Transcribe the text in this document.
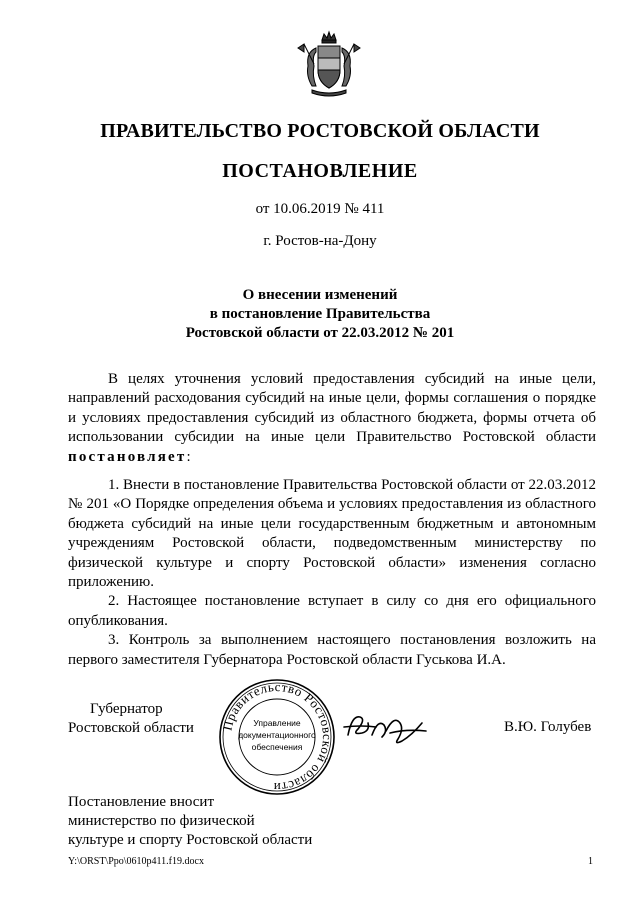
ПРАВИТЕЛЬСТВО РОСТОВСКОЙ ОБЛАСТИ
ПОСТАНОВЛЕНИЕ
от 10.06.2019 № 411
г. Ростов-на-Дону
О внесении изменений
в постановление Правительства
Ростовской области от 22.03.2012 № 201

В целях уточнения условий предоставления субсидий на иные цели, направлений расходования субсидий на иные цели, формы соглашения о порядке и условиях предоставления субсидий из областного бюджета, формы отчета об использовании субсидии на иные цели Правительство Ростовской области постановляет:

1. Внести в постановление Правительства Ростовской области от 22.03.2012 № 201 «О Порядке определения объема и условиях предоставления из областного бюджета субсидий на иные цели государственным бюджетным и автономным учреждениям Ростовской области, подведомственным министерству по физической культуре и спорту Ростовской области» изменения согласно приложению.

2. Настоящее постановление вступает в силу со дня его официального опубликования.

3. Контроль за выполнением настоящего постановления возложить на первого заместителя Губернатора Ростовской области Гуськова И.А.

Губернатор
Ростовской области Правительство Ростовской области
Управление
документационного
обеспечения
В.Ю. Голубев
Постановление вносит
министерство по физической
культуре и спорту Ростовской области
Y:\ORST\Ppo\0610p411.f19.docx	1
